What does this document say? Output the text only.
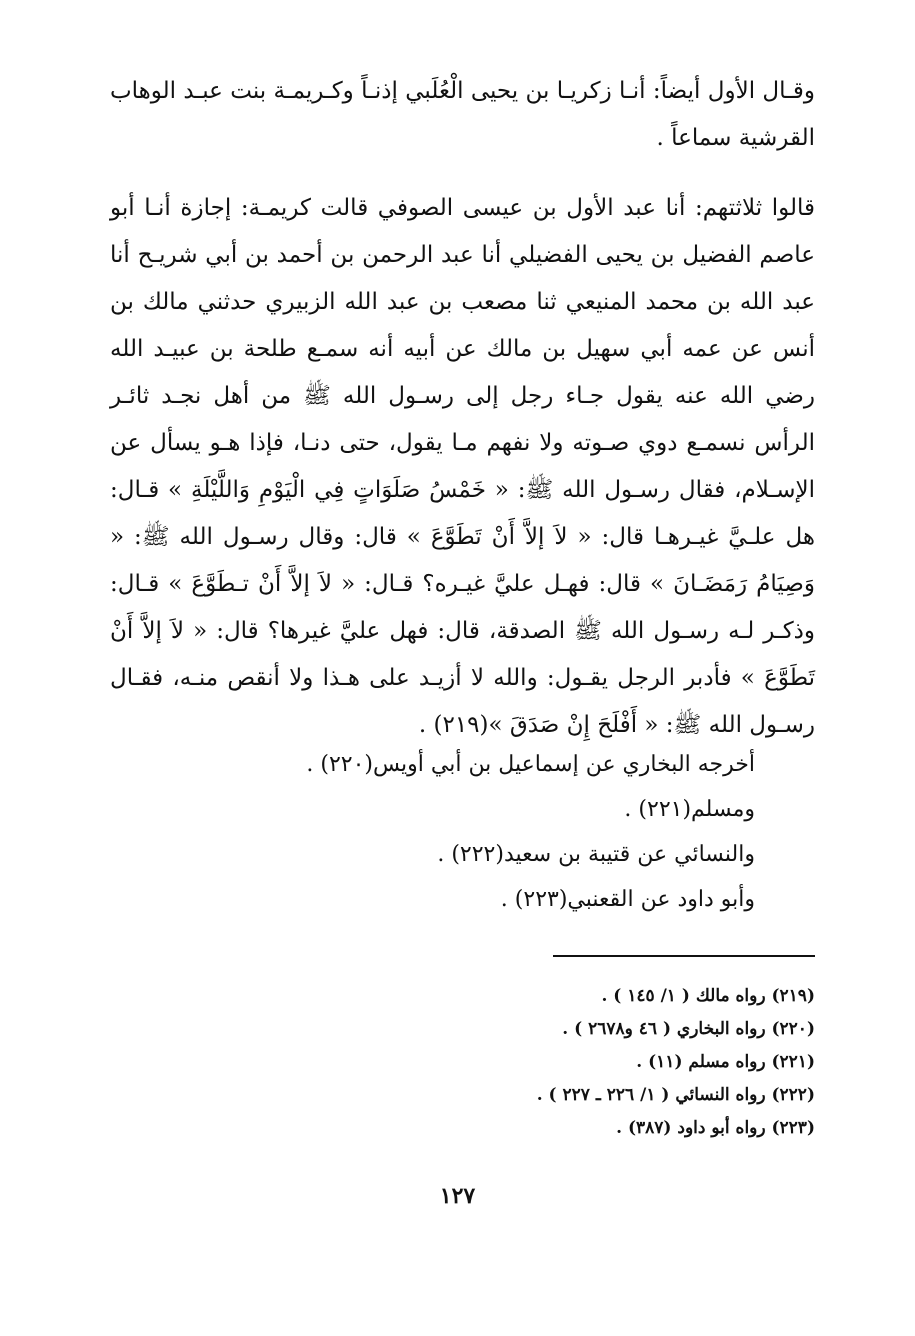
وقـال الأول أيضاً: أنـا زكريـا بن يحيى الْعُلَبي إذنـاً وكـريمـة بنت عبـد الوهاب القرشية سماعاً .

قالوا ثلاثتهم: أنا عبد الأول بن عيسى الصوفي قالت كريمـة: إجازة أنـا أبو عاصم الفضيل بن يحيى الفضيلي أنا عبد الرحمن بن أحمد بن أبي شريـح أنا عبد الله بن محمد المنيعي ثنا مصعب بن عبد الله الزبيري حدثني مالك بن أنس عن عمه أبي سهيل بن مالك عن أبيه أنه سمـع طلحة بن عبيـد الله رضي الله عنه يقول جـاء رجل إلى رسـول الله ﷺ من أهل نجـد ثائـر الرأس نسمـع دوي صـوته ولا نفهم مـا يقول، حتى دنـا، فإذا هـو يسأل عن الإسـلام، فقال رسـول الله ﷺ: « خَمْسُ صَلَوَاتٍ فِي الْيَوْمِ وَاللَّيْلَةِ » قـال: هل علـيَّ غيـرهـا قال: « لاَ إلاَّ أَنْ تَطَوَّعَ » قال: وقال رسـول الله ﷺ: « وَصِيَامُ رَمَضَـانَ » قال: فهـل عليَّ غيـره؟ قـال: « لاَ إلاَّ أَنْ تـطَوَّعَ » قـال: وذكـر لـه رسـول الله ﷺ الصدقة، قال: فهل عليَّ غيرها؟ قال: « لاَ إلاَّ أَنْ تَطَوَّعَ » فأدبر الرجل يقـول: والله لا أزيـد على هـذا ولا أنقص منـه، فقـال رسـول الله ﷺ: « أَفْلَحَ إِنْ صَدَقَ »(٢١٩) .

أخرجه البخاري عن إسماعيل بن أبي أويس(٢٢٠) .
ومسلم(٢٢١) .
والنسائي عن قتيبة بن سعيد(٢٢٢) .
وأبو داود عن القعنبي(٢٢٣) .
(٢١٩) رواه مالك ( ١/ ١٤٥ ) .
(٢٢٠) رواه البخاري ( ٤٦ و٢٦٧٨ ) .
(٢٢١) رواه مسلم (١١) .
(٢٢٢) رواه النسائي ( ١/ ٢٢٦ ـ ٢٢٧ ) .
(٢٢٣) رواه أبو داود (٣٨٧) .
١٢٧
